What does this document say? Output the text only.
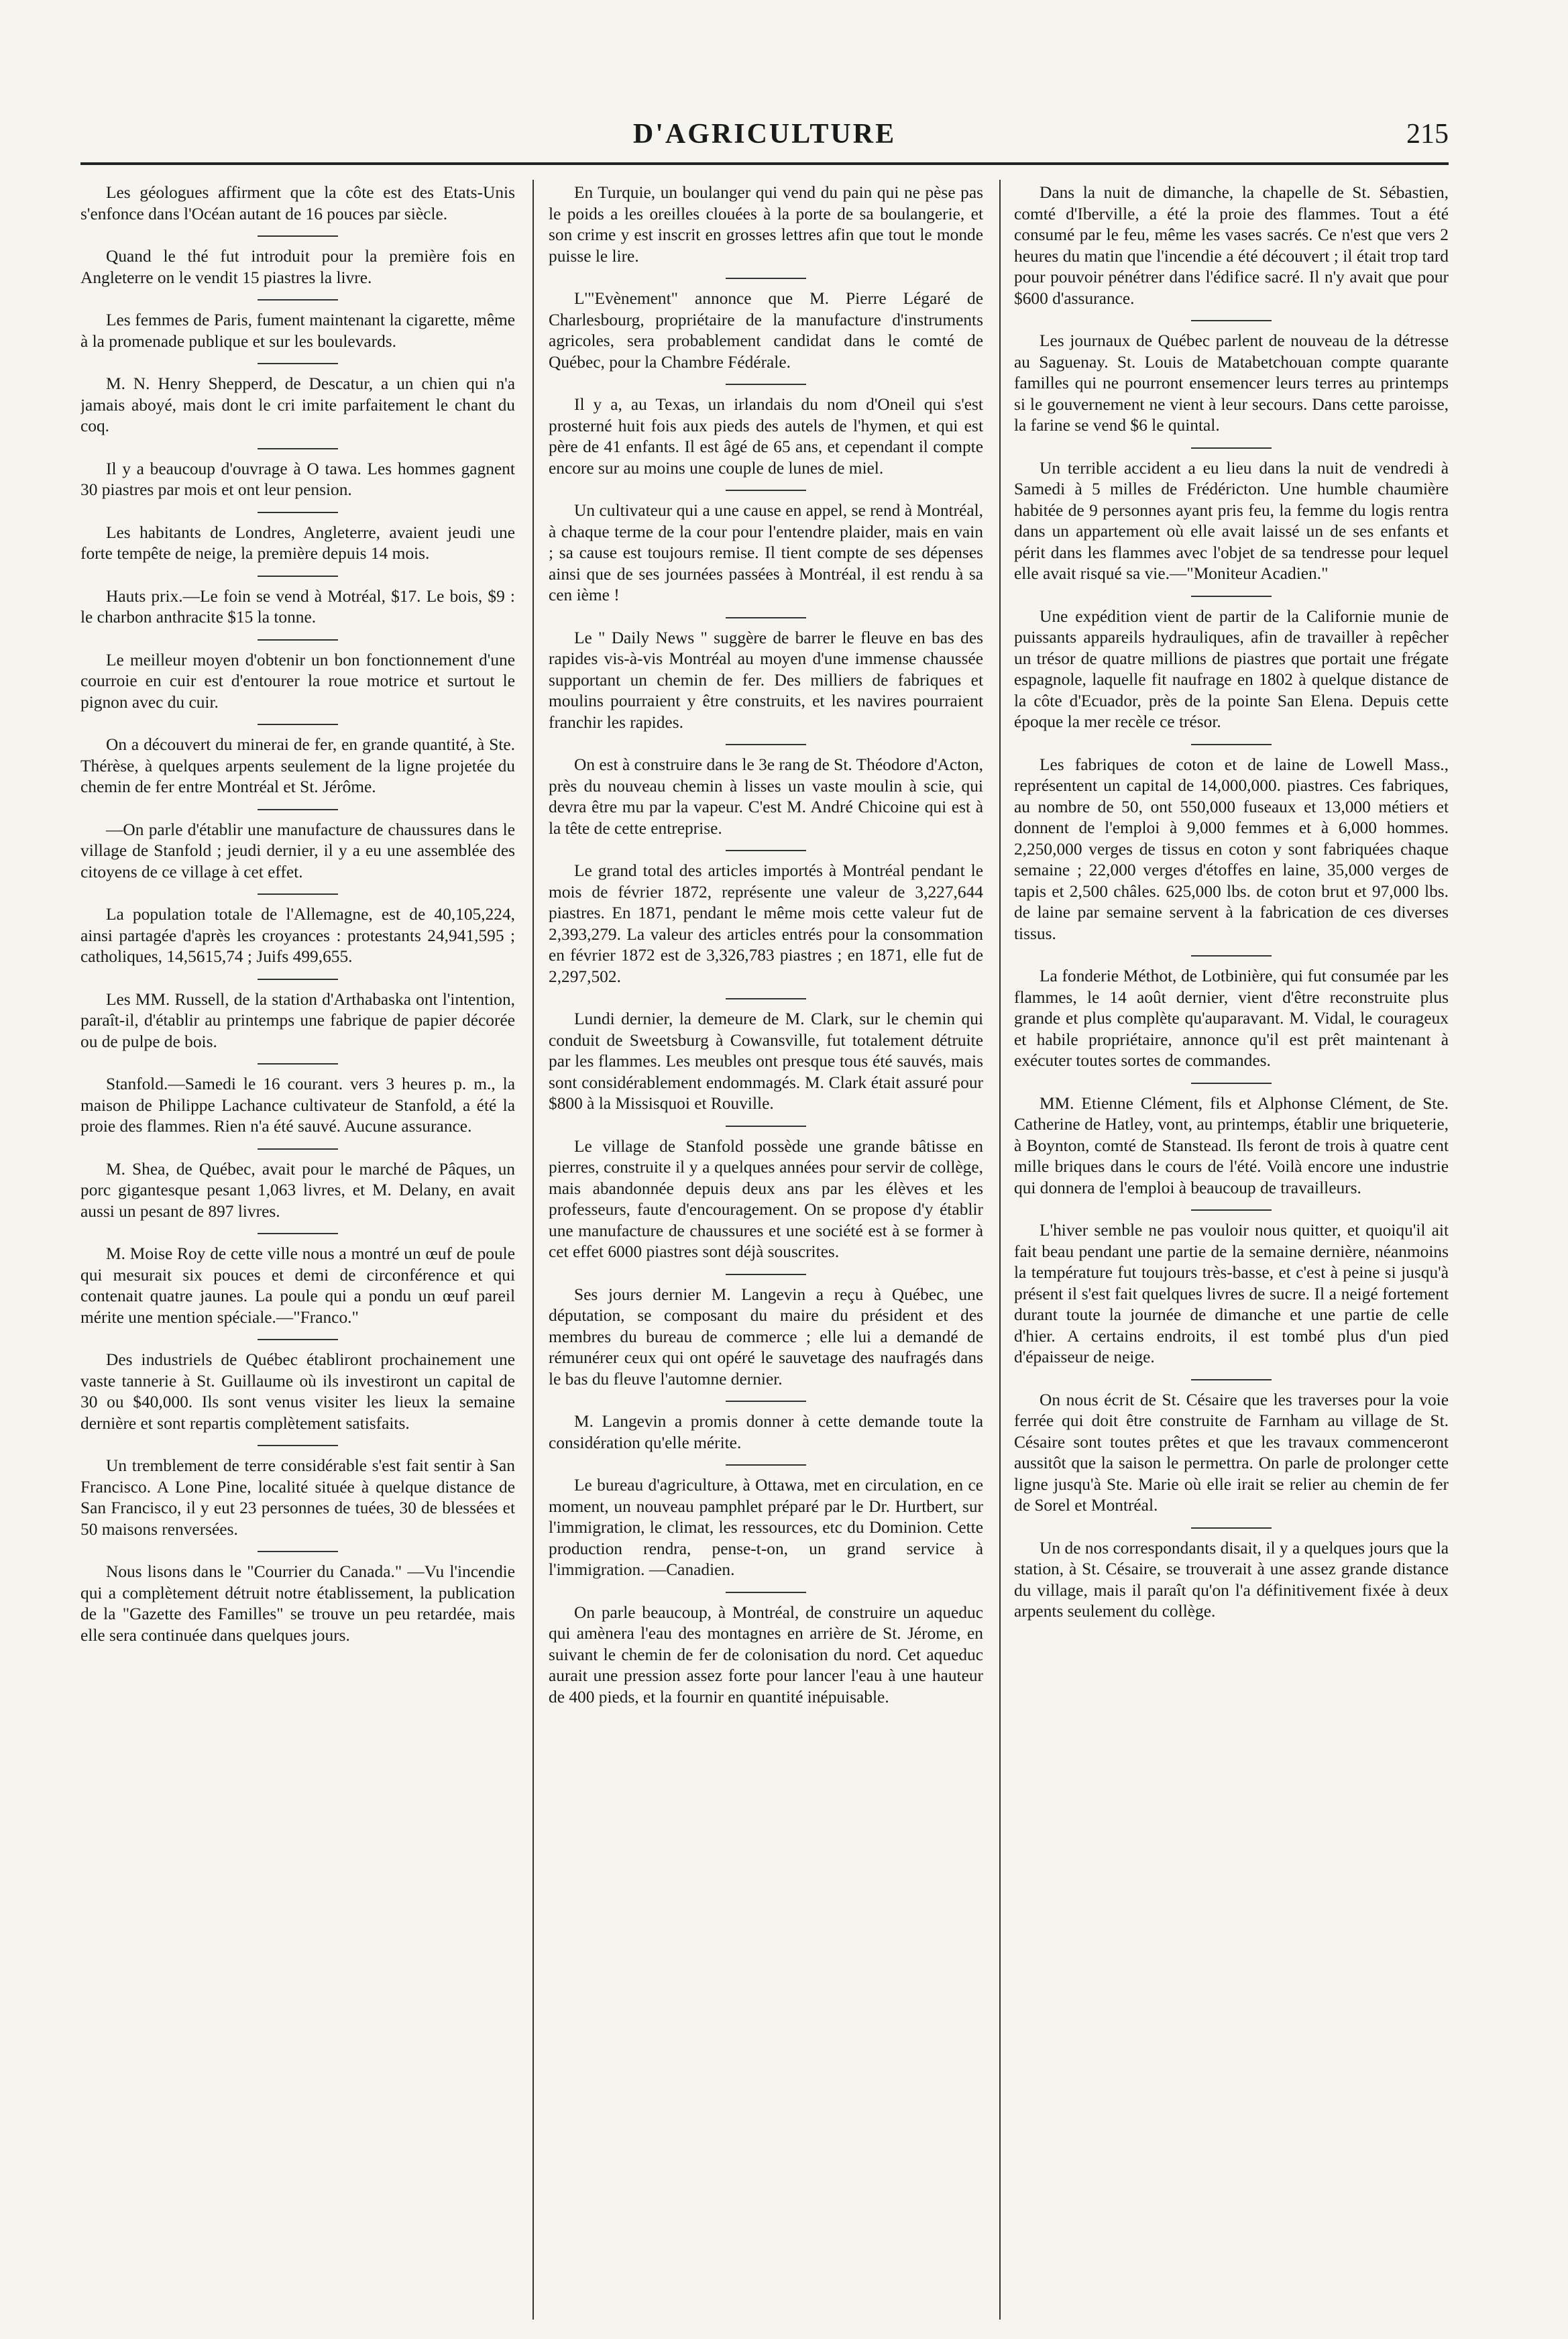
D'AGRICULTURE	215

Les géologues affirment que la côte est des Etats-Unis s'enfonce dans l'Océan autant de 16 pouces par siècle.

Quand le thé fut introduit pour la première fois en Angleterre on le vendit 15 piastres la livre.

Les femmes de Paris, fument maintenant la cigarette, même à la promenade publique et sur les boulevards.

M. N. Henry Shepperd, de Descatur, a un chien qui n'a jamais aboyé, mais dont le cri imite parfaitement le chant du coq.

Il y a beaucoup d'ouvrage à O tawa. Les hommes gagnent 30 piastres par mois et ont leur pension.

Les habitants de Londres, Angleterre, avaient jeudi une forte tempête de neige, la première depuis 14 mois.

Hauts prix.—Le foin se vend à Motréal, $17. Le bois, $9 : le charbon anthracite $15 la tonne.

Le meilleur moyen d'obtenir un bon fonctionnement d'une courroie en cuir est d'entourer la roue motrice et surtout le pignon avec du cuir.

On a découvert du minerai de fer, en grande quantité, à Ste. Thérèse, à quelques arpents seulement de la ligne projetée du chemin de fer entre Montréal et St. Jérôme.

—On parle d'établir une manufacture de chaussures dans le village de Stanfold ; jeudi dernier, il y a eu une assemblée des citoyens de ce village à cet effet.

La population totale de l'Allemagne, est de 40,105,224, ainsi partagée d'après les croyances : protestants 24,941,595 ; catholiques, 14,5615,74 ; Juifs 499,655.

Les MM. Russell, de la station d'Arthabaska ont l'intention, paraît-il, d'établir au printemps une fabrique de papier décorée ou de pulpe de bois.

Stanfold.—Samedi le 16 courant. vers 3 heures p. m., la maison de Philippe Lachance cultivateur de Stanfold, a été la proie des flammes. Rien n'a été sauvé. Aucune assurance.

M. Shea, de Québec, avait pour le marché de Pâques, un porc gigantesque pesant 1,063 livres, et M. Delany, en avait aussi un pesant de 897 livres.

M. Moise Roy de cette ville nous a montré un œuf de poule qui mesurait six pouces et demi de circonférence et qui contenait quatre jaunes. La poule qui a pondu un œuf pareil mérite une mention spéciale.—"Franco."

Des industriels de Québec établiront prochainement une vaste tannerie à St. Guillaume où ils investiront un capital de 30 ou $40,000. Ils sont venus visiter les lieux la semaine dernière et sont repartis complètement satisfaits.

Un tremblement de terre considérable s'est fait sentir à San Francisco. A Lone Pine, localité située à quelque distance de San Francisco, il y eut 23 personnes de tuées, 30 de blessées et 50 maisons renversées.

Nous lisons dans le "Courrier du Canada." —Vu l'incendie qui a complètement détruit notre établissement, la publication de la "Gazette des Familles" se trouve un peu retardée, mais elle sera continuée dans quelques jours.

En Turquie, un boulanger qui vend du pain qui ne pèse pas le poids a les oreilles clouées à la porte de sa boulangerie, et son crime y est inscrit en grosses lettres afin que tout le monde puisse le lire.

L'"Evènement" annonce que M. Pierre Légaré de Charlesbourg, propriétaire de la manufacture d'instruments agricoles, sera probablement candidat dans le comté de Québec, pour la Chambre Fédérale.

Il y a, au Texas, un irlandais du nom d'Oneil qui s'est prosterné huit fois aux pieds des autels de l'hymen, et qui est père de 41 enfants. Il est âgé de 65 ans, et cependant il compte encore sur au moins une couple de lunes de miel.

Un cultivateur qui a une cause en appel, se rend à Montréal, à chaque terme de la cour pour l'entendre plaider, mais en vain ; sa cause est toujours remise. Il tient compte de ses dépenses ainsi que de ses journées passées à Montréal, il est rendu à sa cen ième !

Le " Daily News " suggère de barrer le fleuve en bas des rapides vis-à-vis Montréal au moyen d'une immense chaussée supportant un chemin de fer. Des milliers de fabriques et moulins pourraient y être construits, et les navires pourraient franchir les rapides.

On est à construire dans le 3e rang de St. Théodore d'Acton, près du nouveau chemin à lisses un vaste moulin à scie, qui devra être mu par la vapeur. C'est M. André Chicoine qui est à la tête de cette entreprise.

Le grand total des articles importés à Montréal pendant le mois de février 1872, représente une valeur de 3,227,644 piastres. En 1871, pendant le même mois cette valeur fut de 2,393,279. La valeur des articles entrés pour la consommation en février 1872 est de 3,326,783 piastres ; en 1871, elle fut de 2,297,502.

Lundi dernier, la demeure de M. Clark, sur le chemin qui conduit de Sweetsburg à Cowansville, fut totalement détruite par les flammes. Les meubles ont presque tous été sauvés, mais sont considérablement endommagés. M. Clark était assuré pour $800 à la Missisquoi et Rouville.

Le village de Stanfold possède une grande bâtisse en pierres, construite il y a quelques années pour servir de collège, mais abandonnée depuis deux ans par les élèves et les professeurs, faute d'encouragement. On se propose d'y établir une manufacture de chaussures et une société est à se former à cet effet 6000 piastres sont déjà souscrites.

Ses jours dernier M. Langevin a reçu à Québec, une députation, se composant du maire du président et des membres du bureau de commerce ; elle lui a demandé de rémunérer ceux qui ont opéré le sauvetage des naufragés dans le bas du fleuve l'automne dernier.

M. Langevin a promis donner à cette demande toute la considération qu'elle mérite.

Le bureau d'agriculture, à Ottawa, met en circulation, en ce moment, un nouveau pamphlet préparé par le Dr. Hurtbert, sur l'immigration, le climat, les ressources, etc du Dominion. Cette production rendra, pense-t-on, un grand service à l'immigration. —Canadien.

On parle beaucoup, à Montréal, de construire un aqueduc qui amènera l'eau des montagnes en arrière de St. Jérome, en suivant le chemin de fer de colonisation du nord. Cet aqueduc aurait une pression assez forte pour lancer l'eau à une hauteur de 400 pieds, et la fournir en quantité inépuisable.

Dans la nuit de dimanche, la chapelle de St. Sébastien, comté d'Iberville, a été la proie des flammes. Tout a été consumé par le feu, même les vases sacrés. Ce n'est que vers 2 heures du matin que l'incendie a été découvert ; il était trop tard pour pouvoir pénétrer dans l'édifice sacré. Il n'y avait que pour $600 d'assurance.

Les journaux de Québec parlent de nouveau de la détresse au Saguenay. St. Louis de Matabetchouan compte quarante familles qui ne pourront ensemencer leurs terres au printemps si le gouvernement ne vient à leur secours. Dans cette paroisse, la farine se vend $6 le quintal.

Un terrible accident a eu lieu dans la nuit de vendredi à Samedi à 5 milles de Frédéricton. Une humble chaumière habitée de 9 personnes ayant pris feu, la femme du logis rentra dans un appartement où elle avait laissé un de ses enfants et périt dans les flammes avec l'objet de sa tendresse pour lequel elle avait risqué sa vie.—"Moniteur Acadien."

Une expédition vient de partir de la Californie munie de puissants appareils hydrauliques, afin de travailler à repêcher un trésor de quatre millions de piastres que portait une frégate espagnole, laquelle fit naufrage en 1802 à quelque distance de la côte d'Ecuador, près de la pointe San Elena. Depuis cette époque la mer recèle ce trésor.

Les fabriques de coton et de laine de Lowell Mass., représentent un capital de 14,000,000. piastres. Ces fabriques, au nombre de 50, ont 550,000 fuseaux et 13,000 métiers et donnent de l'emploi à 9,000 femmes et à 6,000 hommes. 2,250,000 verges de tissus en coton y sont fabriquées chaque semaine ; 22,000 verges d'étoffes en laine, 35,000 verges de tapis et 2,500 châles. 625,000 lbs. de coton brut et 97,000 lbs. de laine par semaine servent à la fabrication de ces diverses tissus.

La fonderie Méthot, de Lotbinière, qui fut consumée par les flammes, le 14 août dernier, vient d'être reconstruite plus grande et plus complète qu'auparavant. M. Vidal, le courageux et habile propriétaire, annonce qu'il est prêt maintenant à exécuter toutes sortes de commandes.

MM. Etienne Clément, fils et Alphonse Clément, de Ste. Catherine de Hatley, vont, au printemps, établir une briqueterie, à Boynton, comté de Stanstead. Ils feront de trois à quatre cent mille briques dans le cours de l'été. Voilà encore une industrie qui donnera de l'emploi à beaucoup de travailleurs.

L'hiver semble ne pas vouloir nous quitter, et quoiqu'il ait fait beau pendant une partie de la semaine dernière, néanmoins la température fut toujours très-basse, et c'est à peine si jusqu'à présent il s'est fait quelques livres de sucre. Il a neigé fortement durant toute la journée de dimanche et une partie de celle d'hier. A certains endroits, il est tombé plus d'un pied d'épaisseur de neige.

On nous écrit de St. Césaire que les traverses pour la voie ferrée qui doit être construite de Farnham au village de St. Césaire sont toutes prêtes et que les travaux commenceront aussitôt que la saison le permettra. On parle de prolonger cette ligne jusqu'à Ste. Marie où elle irait se relier au chemin de fer de Sorel et Montréal.

Un de nos correspondants disait, il y a quelques jours que la station, à St. Césaire, se trouverait à une assez grande distance du village, mais il paraît qu'on l'a définitivement fixée à deux arpents seulement du collège.
